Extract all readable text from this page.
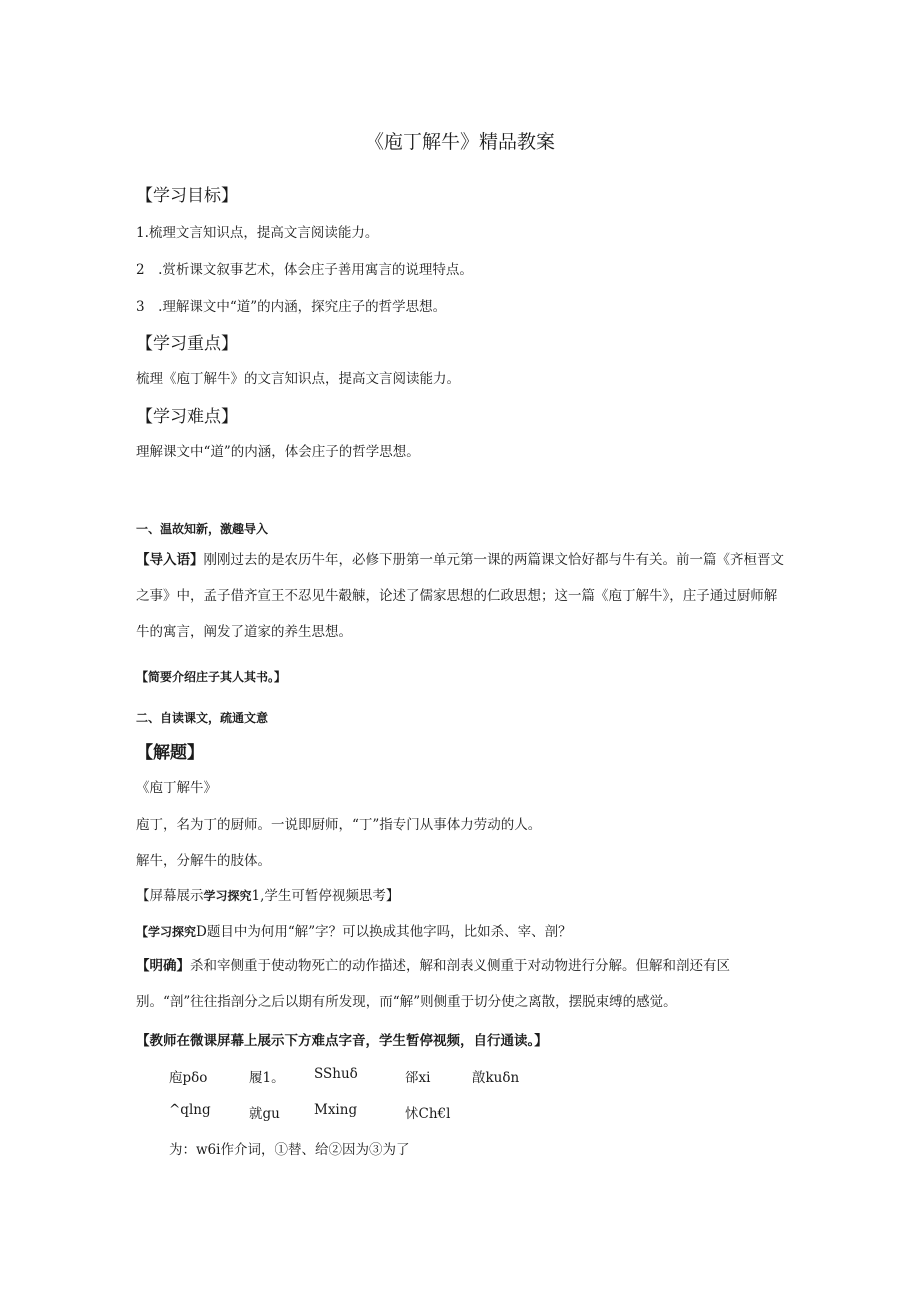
《庖丁解牛》精品教案
【学习目标】
1.梳理文言知识点，提高文言阅读能力。
2　.赏析课文叙事艺术，体会庄子善用寓言的说理特点。
3　.理解课文中“道”的内涵，探究庄子的哲学思想。
【学习重点】
梳理《庖丁解牛》的文言知识点，提高文言阅读能力。
【学习难点】
理解课文中“道”的内涵，体会庄子的哲学思想。
一、温故知新，激趣导入
【导入语】刚刚过去的是农历牛年，必修下册第一单元第一课的两篇课文恰好都与牛有关。前一篇《齐桓晋文之事》中，孟子借齐宣王不忍见牛觳觫，论述了儒家思想的仁政思想；这一篇《庖丁解牛》，庄子通过厨师解牛的寓言，阐发了道家的养生思想。
【简要介绍庄子其人其书。】
二、自读课文，疏通文意
【解题】
《庖丁解牛》
庖丁，名为丁的厨师。一说即厨师，“丁”指专门从事体力劳动的人。
解牛，分解牛的肢体。
【屏幕展示学习探究1,学生可暂停视频思考】
【学习探究D题目中为何用“解”字？可以换成其他字吗，比如杀、宰、剖？
【明确】杀和宰侧重于使动物死亡的动作描述，解和剖表义侧重于对动物进行分解。但解和剖还有区别。“剖”往往指剖分之后以期有所发现，而“解”则侧重于切分使之离散，摆脱束缚的感觉。
【教师在微课屏幕上展示下方难点字音，学生暂停视频，自行通读。】
庖pδo	履1。 SShuδ	郤xi	㪟kuδn
^qlng	就gu	Mxing	怵Ch€l
为：w6i作介词，①替、给②因为③为了
